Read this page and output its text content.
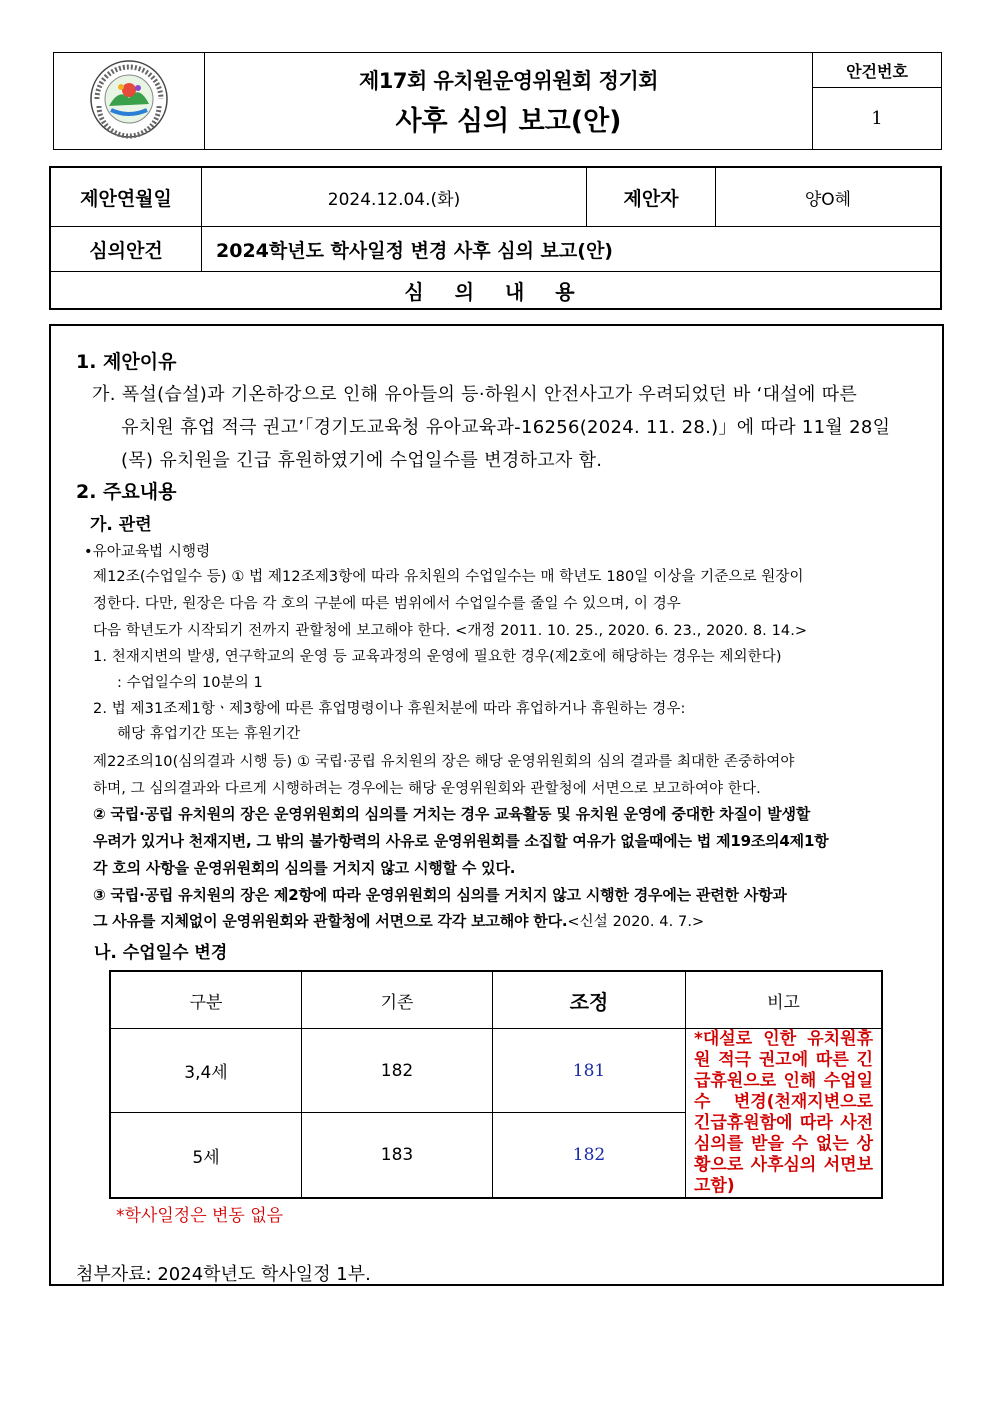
제17회 유치원운영위원회 정기회
사후 심의 보고(안)
	안건번호
1
제안연월일	2024.12.04.(화)	제안자	양O혜
심의안건	2024학년도 학사일정 변경 사후 심의 보고(안)		
심 의 내 용			
1. 제안이유
가. 폭설(습설)과 기온하강으로 인해 유아들의 등·하원시 안전사고가 우려되었던 바 ‘대설에 따른
유치원 휴업 적극 권고’「경기도교육청 유아교육과-16256(2024. 11. 28.)」에 따라 11월 28일
(목) 유치원을 긴급 휴원하였기에 수업일수를 변경하고자 함.
2. 주요내용
가. 관련
•유아교육법 시행령
제12조(수업일수 등) ① 법 제12조제3항에 따라 유치원의 수업일수는 매 학년도 180일 이상을 기준으로 원장이
정한다. 다만, 원장은 다음 각 호의 구분에 따른 범위에서 수업일수를 줄일 수 있으며, 이 경우
다음 학년도가 시작되기 전까지 관할청에 보고해야 한다. <개정 2011. 10. 25., 2020. 6. 23., 2020. 8. 14.>
1. 천재지변의 발생, 연구학교의 운영 등 교육과정의 운영에 필요한 경우(제2호에 해당하는 경우는 제외한다)
: 수업일수의 10분의 1
2. 법 제31조제1항ㆍ제3항에 따른 휴업명령이나 휴원처분에 따라 휴업하거나 휴원하는 경우:
해당 휴업기간 또는 휴원기간
제22조의10(심의결과 시행 등) ① 국립·공립 유치원의 장은 해당 운영위원회의 심의 결과를 최대한 존중하여야
하며, 그 심의결과와 다르게 시행하려는 경우에는 해당 운영위원회와 관할청에 서면으로 보고하여야 한다.
② 국립·공립 유치원의 장은 운영위원회의 심의를 거치는 경우 교육활동 및 유치원 운영에 중대한 차질이 발생할
우려가 있거나 천재지변, 그 밖의 불가항력의 사유로 운영위원회를 소집할 여유가 없을때에는 법 제19조의4제1항
각 호의 사항을 운영위원회의 심의를 거치지 않고 시행할 수 있다.
③ 국립·공립 유치원의 장은 제2항에 따라 운영위원회의 심의를 거치지 않고 시행한 경우에는 관련한 사항과
그 사유를 지체없이 운영위원회와 관할청에 서면으로 각각 보고해야 한다.<신설 2020. 4. 7.>
나. 수업일수 변경
구분	기존	조정	비고
3,4세	182	181	*대설로 인한 유치원휴원 적극 권고에 따른 긴급휴원으로 인해 수업일수 변경(천재지변으로 긴급휴원함에 따라 사전심의를 받을 수 없는 상황으로 사후심의 서면보고함)
5세	183	182	
*학사일정은 변동 없음
첨부자료: 2024학년도 학사일정 1부.
